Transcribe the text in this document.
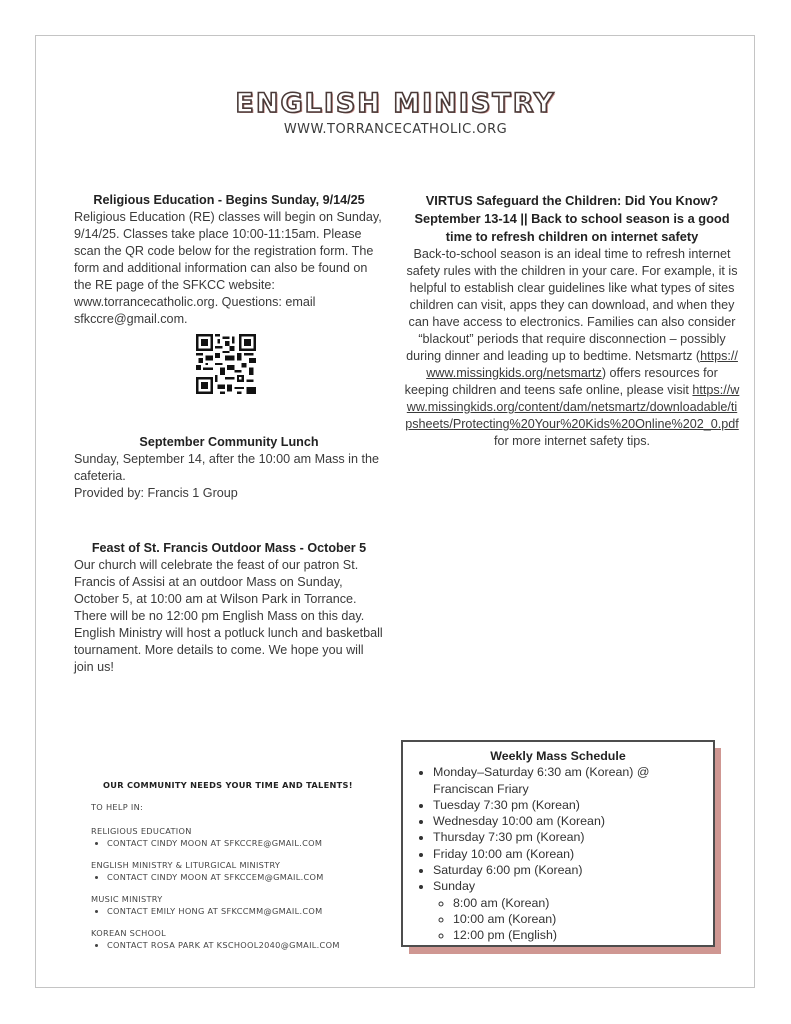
ENGLISH MINISTRY
WWW.TORRANCECATHOLIC.ORG
Religious Education - Begins Sunday, 9/14/25

Religious Education (RE) classes will begin on Sunday, 9/14/25. Classes take place 10:00-11:15am. Please scan the QR code below for the registration form. The form and additional information can also be found on the RE page of the SFKCC website: www.torrancecatholic.org. Questions: email sfkccre@gmail.com.

September Community Lunch

Sunday, September 14, after the 10:00 am Mass in the cafeteria.

Provided by: Francis 1 Group

Feast of St. Francis Outdoor Mass - October 5

Our church will celebrate the feast of our patron St. Francis of Assisi at an outdoor Mass on Sunday, October 5, at 10:00 am at Wilson Park in Torrance. There will be no 12:00 pm English Mass on this day. English Ministry will host a potluck lunch and basketball tournament. More details to come. We hope you will join us!

VIRTUS Safeguard the Children: Did You Know? September 13-14 || Back to school season is a good time to refresh children on internet safety

Back-to-school season is an ideal time to refresh internet safety rules with the children in your care. For example, it is helpful to establish clear guidelines like what types of sites children can visit, apps they can download, and when they can have access to electronics. Families can also consider “blackout” periods that require disconnection – possibly during dinner and leading up to bedtime. Netsmartz (https://www.missingkids.org/netsmartz) offers resources for keeping children and teens safe online, please visit https://www.missingkids.org/content/dam/netsmartz/downloadable/tipsheets/Protecting%20Your%20Kids%20Online%202_0.pdf for more internet safety tips.

OUR COMMUNITY NEEDS YOUR TIME AND TALENTS!
TO HELP IN:
RELIGIOUS EDUCATION
• CONTACT CINDY MOON AT SFKCCRE@GMAIL.COM
ENGLISH MINISTRY & LITURGICAL MINISTRY
• CONTACT CINDY MOON AT SFKCCEM@GMAIL.COM
MUSIC MINISTRY
• CONTACT EMILY HONG AT SFKCCMM@GMAIL.COM
KOREAN SCHOOL
• CONTACT ROSA PARK AT KSCHOOL2040@GMAIL.COM
Weekly Mass Schedule
• Monday–Saturday 6:30 am (Korean) @ Franciscan Friary
• Tuesday 7:30 pm (Korean)
• Wednesday 10:00 am (Korean)
• Thursday 7:30 pm (Korean)
• Friday 10:00 am (Korean)
• Saturday 6:00 pm (Korean)
• Sunday
◦ 8:00 am (Korean)
◦ 10:00 am (Korean)
◦ 12:00 pm (English)
